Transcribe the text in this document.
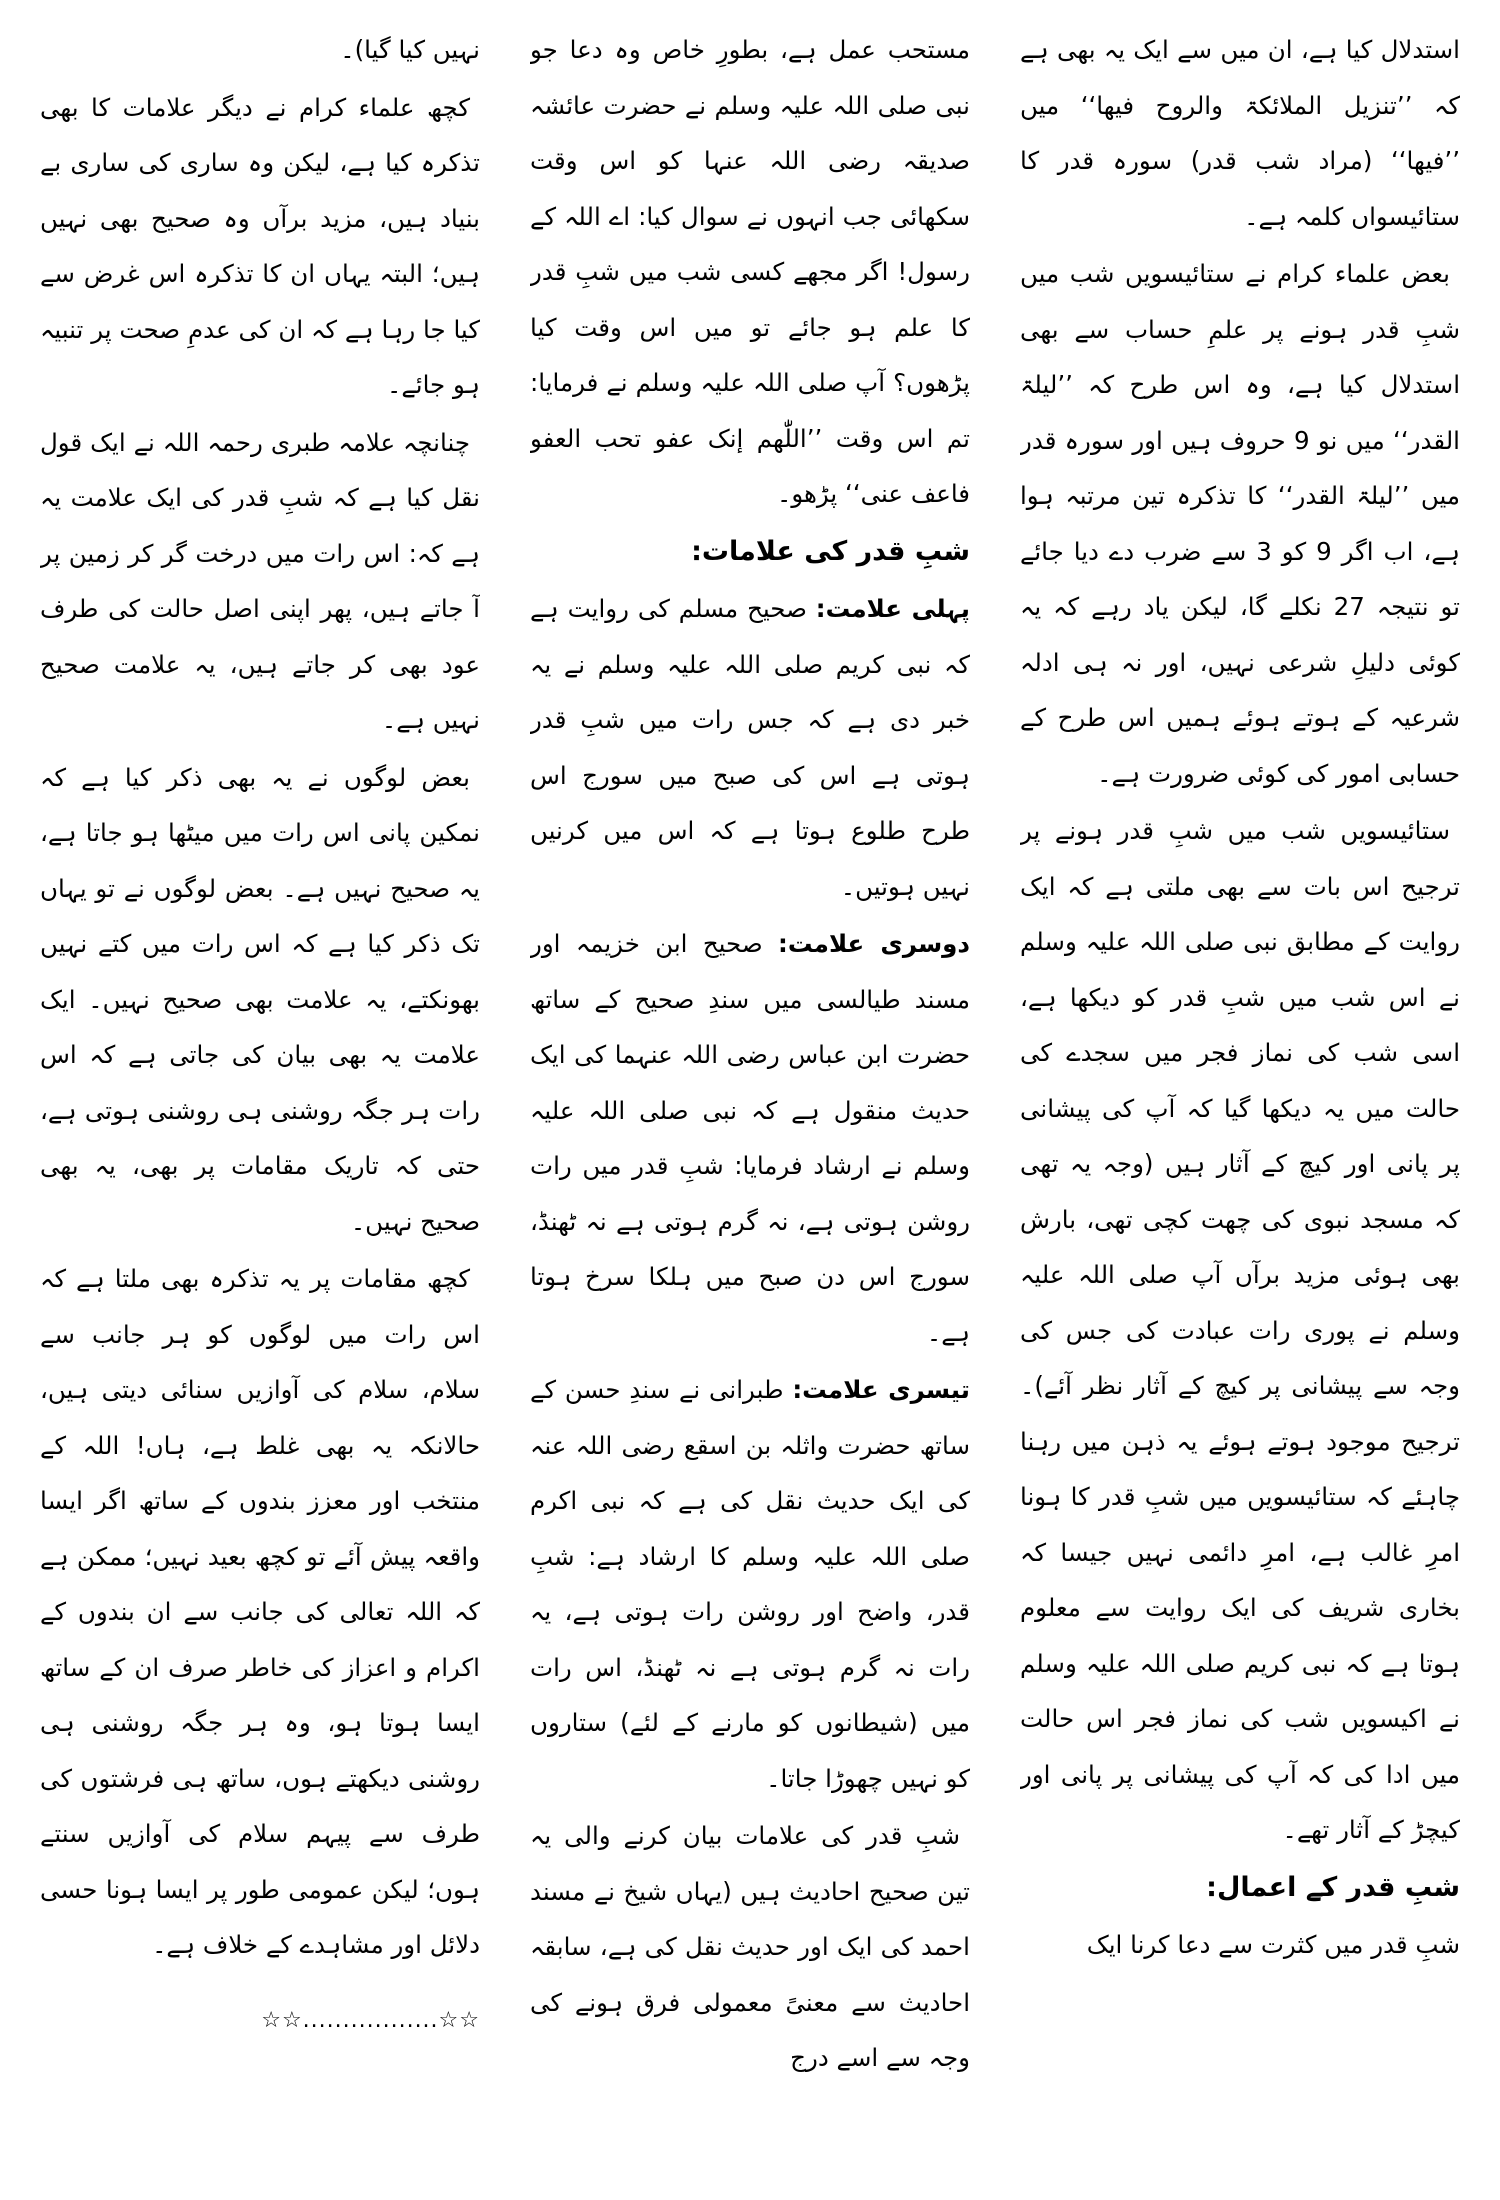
استدلال کیا ہے، ان میں سے ایک یہ بھی ہے کہ ’’تنزیل الملائکۃ والروح فیھا‘‘ میں ’’فیھا‘‘ (مراد شب قدر) سورہ قدر کا ستائیسواں کلمہ ہے۔

بعض علماء کرام نے ستائیسویں شب میں شبِ قدر ہونے پر علمِ حساب سے بھی استدلال کیا ہے، وہ اس طرح کہ ’’لیلۃ القدر‘‘ میں نو 9 حروف ہیں اور سورہ قدر میں ’’لیلۃ القدر‘‘ کا تذکرہ تین مرتبہ ہوا ہے، اب اگر 9 کو 3 سے ضرب دے دیا جائے تو نتیجہ 27 نکلے گا، لیکن یاد رہے کہ یہ کوئی دلیلِ شرعی نہیں، اور نہ ہی ادلہ شرعیہ کے ہوتے ہوئے ہمیں اس طرح کے حسابی امور کی کوئی ضرورت ہے۔

ستائیسویں شب میں شبِ قدر ہونے پر ترجیح اس بات سے بھی ملتی ہے کہ ایک روایت کے مطابق نبی صلی اللہ علیہ وسلم نے اس شب میں شبِ قدر کو دیکھا ہے، اسی شب کی نماز فجر میں سجدے کی حالت میں یہ دیکھا گیا کہ آپ کی پیشانی پر پانی اور کیچ کے آثار ہیں (وجہ یہ تھی کہ مسجد نبوی کی چھت کچی تھی، بارش بھی ہوئی مزید برآں آپ صلی اللہ علیہ وسلم نے پوری رات عبادت کی جس کی وجہ سے پیشانی پر کیچ کے آثار نظر آئے)۔ ترجیح موجود ہوتے ہوئے یہ ذہن میں رہنا چاہئے کہ ستائیسویں میں شبِ قدر کا ہونا امرِ غالب ہے، امرِ دائمی نہیں جیسا کہ بخاری شریف کی ایک روایت سے معلوم ہوتا ہے کہ نبی کریم صلی اللہ علیہ وسلم نے اکیسویں شب کی نماز فجر اس حالت میں ادا کی کہ آپ کی پیشانی پر پانی اور کیچڑ کے آثار تھے۔

شبِ قدر کے اعمال:

شبِ قدر میں کثرت سے دعا کرنا ایک

مستحب عمل ہے، بطورِ خاص وہ دعا جو نبی صلی اللہ علیہ وسلم نے حضرت عائشہ صدیقہ رضی اللہ عنہا کو اس وقت سکھائی جب انہوں نے سوال کیا: اے اللہ کے رسول! اگر مجھے کسی شب میں شبِ قدر کا علم ہو جائے تو میں اس وقت کیا پڑھوں؟ آپ صلی اللہ علیہ وسلم نے فرمایا: تم اس وقت ’’اللّٰھم إنک عفو تحب العفو فاعف عنی‘‘ پڑھو۔

شبِ قدر کی علامات:

پہلی علامت: صحیح مسلم کی روایت ہے کہ نبی کریم صلی اللہ علیہ وسلم نے یہ خبر دی ہے کہ جس رات میں شبِ قدر ہوتی ہے اس کی صبح میں سورج اس طرح طلوع ہوتا ہے کہ اس میں کرنیں نہیں ہوتیں۔

دوسری علامت: صحیح ابن خزیمہ اور مسند طیالسی میں سندِ صحیح کے ساتھ حضرت ابن عباس رضی اللہ عنہما کی ایک حدیث منقول ہے کہ نبی صلی اللہ علیہ وسلم نے ارشاد فرمایا: شبِ قدر میں رات روشن ہوتی ہے، نہ گرم ہوتی ہے نہ ٹھنڈ، سورج اس دن صبح میں ہلکا سرخ ہوتا ہے۔

تیسری علامت: طبرانی نے سندِ حسن کے ساتھ حضرت واثلہ بن اسقع رضی اللہ عنہ کی ایک حدیث نقل کی ہے کہ نبی اکرم صلی اللہ علیہ وسلم کا ارشاد ہے: شبِ قدر، واضح اور روشن رات ہوتی ہے، یہ رات نہ گرم ہوتی ہے نہ ٹھنڈ، اس رات میں (شیطانوں کو مارنے کے لئے) ستاروں کو نہیں چھوڑا جاتا۔

شبِ قدر کی علامات بیان کرنے والی یہ تین صحیح احادیث ہیں (یہاں شیخ نے مسند احمد کی ایک اور حدیث نقل کی ہے، سابقہ احادیث سے معنیً معمولی فرق ہونے کی وجہ سے اسے درج

نہیں کیا گیا)۔

کچھ علماء کرام نے دیگر علامات کا بھی تذکرہ کیا ہے، لیکن وہ ساری کی ساری بے بنیاد ہیں، مزید برآں وہ صحیح بھی نہیں ہیں؛ البتہ یہاں ان کا تذکرہ اس غرض سے کیا جا رہا ہے کہ ان کی عدمِ صحت پر تنبیہ ہو جائے۔

چنانچہ علامہ طبری رحمہ اللہ نے ایک قول نقل کیا ہے کہ شبِ قدر کی ایک علامت یہ ہے کہ: اس رات میں درخت گر کر زمین پر آ جاتے ہیں، پھر اپنی اصل حالت کی طرف عود بھی کر جاتے ہیں، یہ علامت صحیح نہیں ہے۔

بعض لوگوں نے یہ بھی ذکر کیا ہے کہ نمکین پانی اس رات میں میٹھا ہو جاتا ہے، یہ صحیح نہیں ہے۔ بعض لوگوں نے تو یہاں تک ذکر کیا ہے کہ اس رات میں کتے نہیں بھونکتے، یہ علامت بھی صحیح نہیں۔ ایک علامت یہ بھی بیان کی جاتی ہے کہ اس رات ہر جگہ روشنی ہی روشنی ہوتی ہے، حتی کہ تاریک مقامات پر بھی، یہ بھی صحیح نہیں۔

کچھ مقامات پر یہ تذکرہ بھی ملتا ہے کہ اس رات میں لوگوں کو ہر جانب سے سلام، سلام کی آوازیں سنائی دیتی ہیں، حالانکہ یہ بھی غلط ہے، ہاں! اللہ کے منتخب اور معزز بندوں کے ساتھ اگر ایسا واقعہ پیش آئے تو کچھ بعید نہیں؛ ممکن ہے کہ اللہ تعالی کی جانب سے ان بندوں کے اکرام و اعزاز کی خاطر صرف ان کے ساتھ ایسا ہوتا ہو، وہ ہر جگہ روشنی ہی روشنی دیکھتے ہوں، ساتھ ہی فرشتوں کی طرف سے پیہم سلام کی آوازیں سنتے ہوں؛ لیکن عمومی طور پر ایسا ہونا حسی دلائل اور مشاہدے کے خلاف ہے۔

☆☆.................☆☆
